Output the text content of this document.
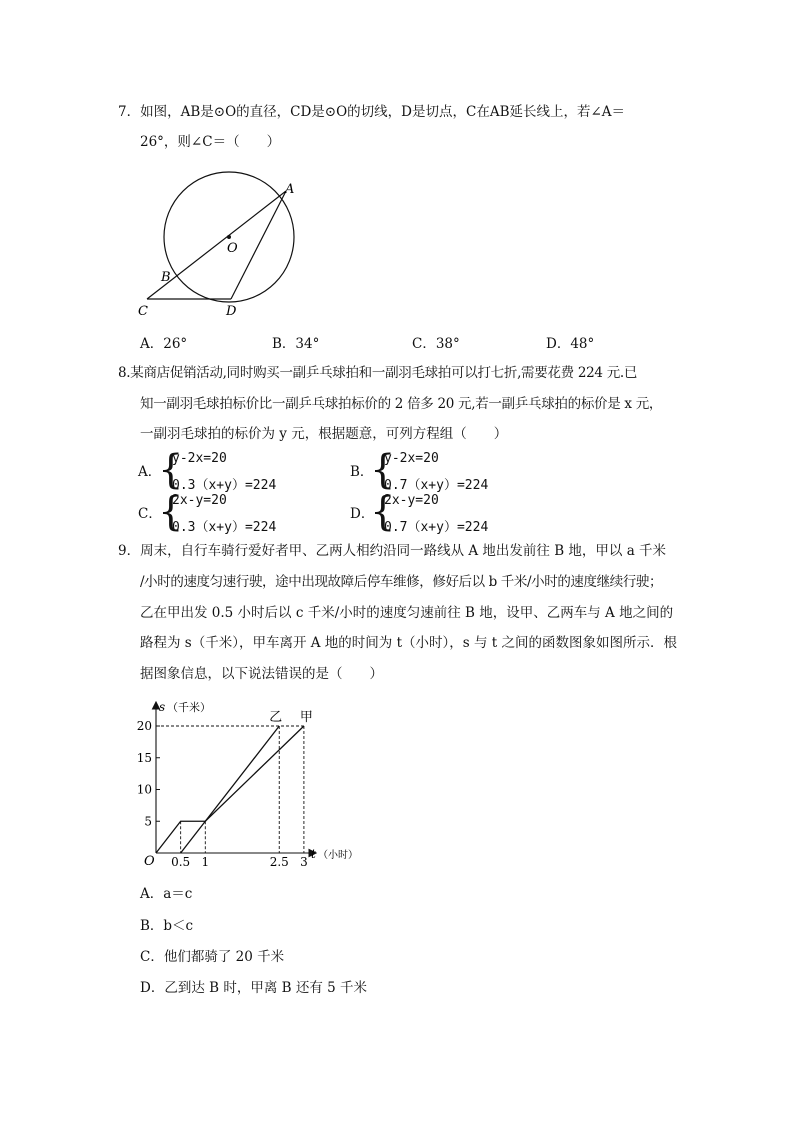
7．如图，AB是⊙O的直径，CD是⊙O的切线，D是切点，C在AB延长线上，若∠A＝
26°，则∠C＝（　　）
A
O
B
C	D
A．26°	B．34°	C．38°	D．48°
8.某商店促销活动,同时购买一副乒乓球拍和一副羽毛球拍可以打七折,需要花费 224 元.已
知一副羽毛球拍标价比一副乒乓球拍标价的 2 倍多 20 元,若一副乒乓球拍的标价是 x 元，
一副羽毛球拍的标价为 y 元，根据题意，可列方程组（　　）
A．
{
y-2x=20
0.3（x+y）=224
B．
{
y-2x=20
0.7（x+y）=224
C．
{
2x-y=20
0.3（x+y）=224
D．
{
2x-y=20
0.7（x+y）=224
9．周末，自行车骑行爱好者甲、乙两人相约沿同一路线从 A 地出发前往 B 地，甲以 a 千米
/小时的速度匀速行驶，途中出现故障后停车维修，修好后以 b 千米/小时的速度继续行驶；
乙在甲出发 0.5 小时后以 c 千米/小时的速度匀速前往 B 地，设甲、乙两车与 A 地之间的
路程为 s（千米），甲车离开 A 地的时间为 t（小时），s 与 t 之间的函数图象如图所示．根
据图象信息，以下说法错误的是（　　）
5
10
15
20
0.5 1	2.5 3
甲
乙
s （千米）
O	t （小时）
A．a＝c
B．b＜c
C．他们都骑了 20 千米
D．乙到达 B 时，甲离 B 还有 5 千米
